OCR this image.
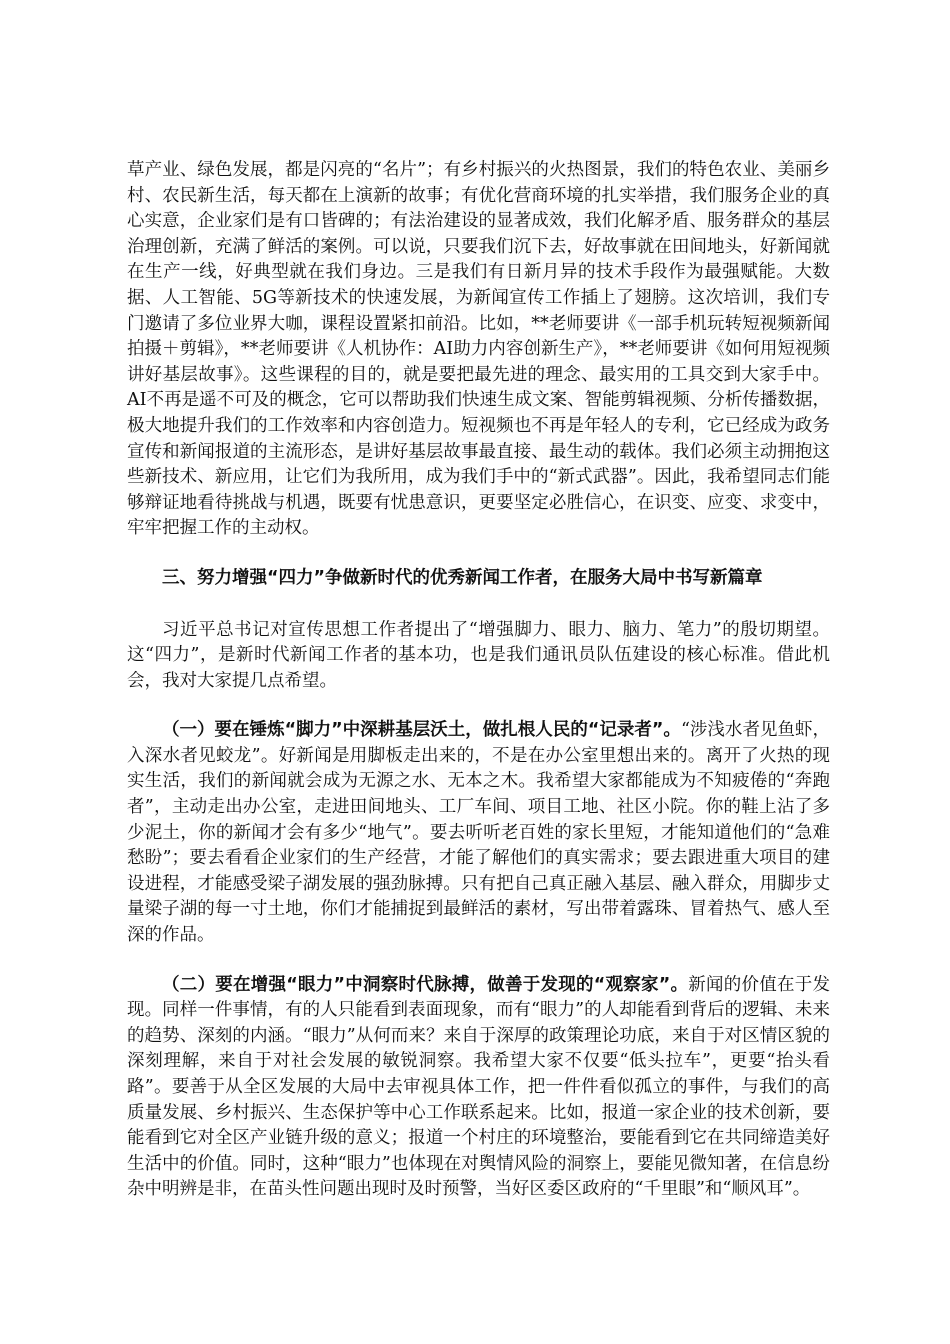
草产业、绿色发展，都是闪亮的“名片”；有乡村振兴的火热图景，我们的特色农业、美丽乡村、农民新生活，每天都在上演新的故事；有优化营商环境的扎实举措，我们服务企业的真心实意，企业家们是有口皆碑的；有法治建设的显著成效，我们化解矛盾、服务群众的基层治理创新，充满了鲜活的案例。可以说，只要我们沉下去，好故事就在田间地头，好新闻就在生产一线，好典型就在我们身边。三是我们有日新月异的技术手段作为最强赋能。大数据、人工智能、5G等新技术的快速发展，为新闻宣传工作插上了翅膀。这次培训，我们专门邀请了多位业界大咖，课程设置紧扣前沿。比如，**老师要讲《一部手机玩转短视频新闻拍摄＋剪辑》，**老师要讲《人机协作：AI助力内容创新生产》，**老师要讲《如何用短视频讲好基层故事》。这些课程的目的，就是要把最先进的理念、最实用的工具交到大家手中。AI不再是遥不可及的概念，它可以帮助我们快速生成文案、智能剪辑视频、分析传播数据，极大地提升我们的工作效率和内容创造力。短视频也不再是年轻人的专利，它已经成为政务宣传和新闻报道的主流形态，是讲好基层故事最直接、最生动的载体。我们必须主动拥抱这些新技术、新应用，让它们为我所用，成为我们手中的“新式武器”。因此，我希望同志们能够辩证地看待挑战与机遇，既要有忧患意识，更要坚定必胜信心，在识变、应变、求变中，牢牢把握工作的主动权。

三、努力增强“四力”争做新时代的优秀新闻工作者，在服务大局中书写新篇章

习近平总书记对宣传思想工作者提出了“增强脚力、眼力、脑力、笔力”的殷切期望。这“四力”，是新时代新闻工作者的基本功，也是我们通讯员队伍建设的核心标准。借此机会，我对大家提几点希望。

（一）要在锤炼“脚力”中深耕基层沃土，做扎根人民的“记录者”。“涉浅水者见鱼虾，入深水者见蛟龙”。好新闻是用脚板走出来的，不是在办公室里想出来的。离开了火热的现实生活，我们的新闻就会成为无源之水、无本之木。我希望大家都能成为不知疲倦的“奔跑者”，主动走出办公室，走进田间地头、工厂车间、项目工地、社区小院。你的鞋上沾了多少泥土，你的新闻才会有多少“地气”。要去听听老百姓的家长里短，才能知道他们的“急难愁盼”；要去看看企业家们的生产经营，才能了解他们的真实需求；要去跟进重大项目的建设进程，才能感受梁子湖发展的强劲脉搏。只有把自己真正融入基层、融入群众，用脚步丈量梁子湖的每一寸土地，你们才能捕捉到最鲜活的素材，写出带着露珠、冒着热气、感人至深的作品。

（二）要在增强“眼力”中洞察时代脉搏，做善于发现的“观察家”。新闻的价值在于发现。同样一件事情，有的人只能看到表面现象，而有“眼力”的人却能看到背后的逻辑、未来的趋势、深刻的内涵。“眼力”从何而来？来自于深厚的政策理论功底，来自于对区情区貌的深刻理解，来自于对社会发展的敏锐洞察。我希望大家不仅要“低头拉车”，更要“抬头看路”。要善于从全区发展的大局中去审视具体工作，把一件件看似孤立的事件，与我们的高质量发展、乡村振兴、生态保护等中心工作联系起来。比如，报道一家企业的技术创新，要能看到它对全区产业链升级的意义；报道一个村庄的环境整治，要能看到它在共同缔造美好生活中的价值。同时，这种“眼力”也体现在对舆情风险的洞察上，要能见微知著，在信息纷杂中明辨是非，在苗头性问题出现时及时预警，当好区委区政府的“千里眼”和“顺风耳”。
